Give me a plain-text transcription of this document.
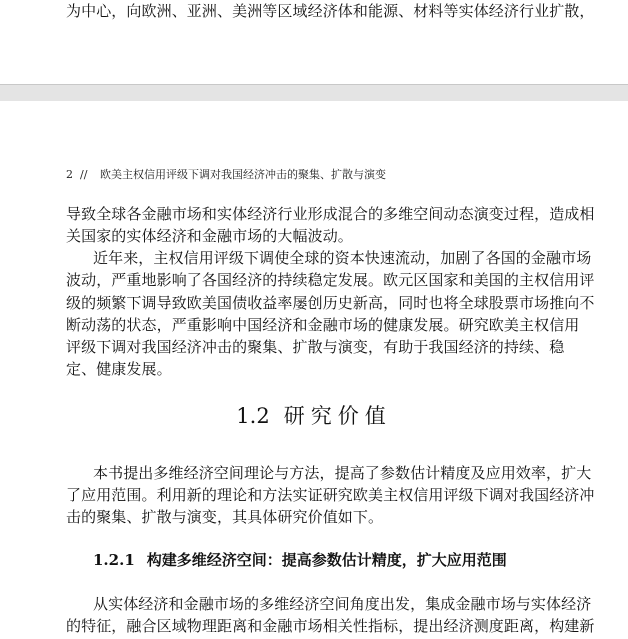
为中心，向欧洲、亚洲、美洲等区域经济体和能源、材料等实体经济行业扩散，
2 // 欧美主权信用评级下调对我国经济冲击的聚集、扩散与演变
导致全球各金融市场和实体经济行业形成混合的多维空间动态演变过程，造成相
关国家的实体经济和金融市场的大幅波动。
近年来，主权信用评级下调使全球的资本快速流动，加剧了各国的金融市场
波动，严重地影响了各国经济的持续稳定发展。欧元区国家和美国的主权信用评
级的频繁下调导致欧美国债收益率屡创历史新高，同时也将全球股票市场推向不
断动荡的状态，严重影响中国经济和金融市场的健康发展。研究欧美主权信用
评级下调对我国经济冲击的聚集、扩散与演变，有助于我国经济的持续、稳
定、健康发展。
1.2 研究价值
本书提出多维经济空间理论与方法，提高了参数估计精度及应用效率，扩大
了应用范围。利用新的理论和方法实证研究欧美主权信用评级下调对我国经济冲
击的聚集、扩散与演变，其具体研究价值如下。
1.2.1 构建多维经济空间：提高参数估计精度，扩大应用范围
从实体经济和金融市场的多维经济空间角度出发，集成金融市场与实体经济
的特征，融合区域物理距离和金融市场相关性指标，提出经济测度距离，构建新
